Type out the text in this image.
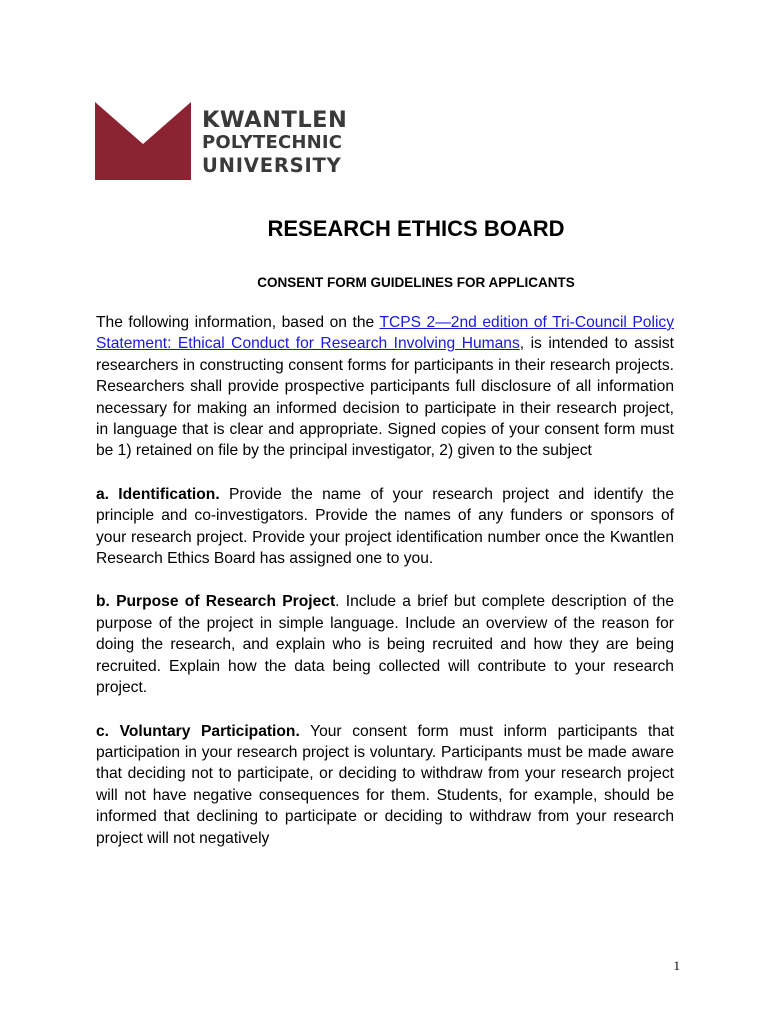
KWANTLEN
POLYTECHNIC
UNIVERSITY
RESEARCH ETHICS BOARD
CONSENT FORM GUIDELINES FOR APPLICANTS

The following information, based on the TCPS 2—2nd edition of Tri-Council Policy Statement: Ethical Conduct for Research Involving Humans, is intended to assist researchers in constructing consent forms for participants in their research projects. Researchers shall provide prospective participants full disclosure of all information necessary for making an informed decision to participate in their research project, in language that is clear and appropriate. Signed copies of your consent form must be 1) retained on file by the principal investigator, 2) given to the subject

a. Identification. Provide the name of your research project and identify the principle and co-investigators. Provide the names of any funders or sponsors of your research project. Provide your project identification number once the Kwantlen Research Ethics Board has assigned one to you.

b. Purpose of Research Project. Include a brief but complete description of the purpose of the project in simple language. Include an overview of the reason for doing the research, and explain who is being recruited and how they are being recruited. Explain how the data being collected will contribute to your research project.

c. Voluntary Participation. Your consent form must inform participants that participation in your research project is voluntary. Participants must be made aware that deciding not to participate, or deciding to withdraw from your research project will not have negative consequences for them. Students, for example, should be informed that declining to participate or deciding to withdraw from your research project will not negatively

1
